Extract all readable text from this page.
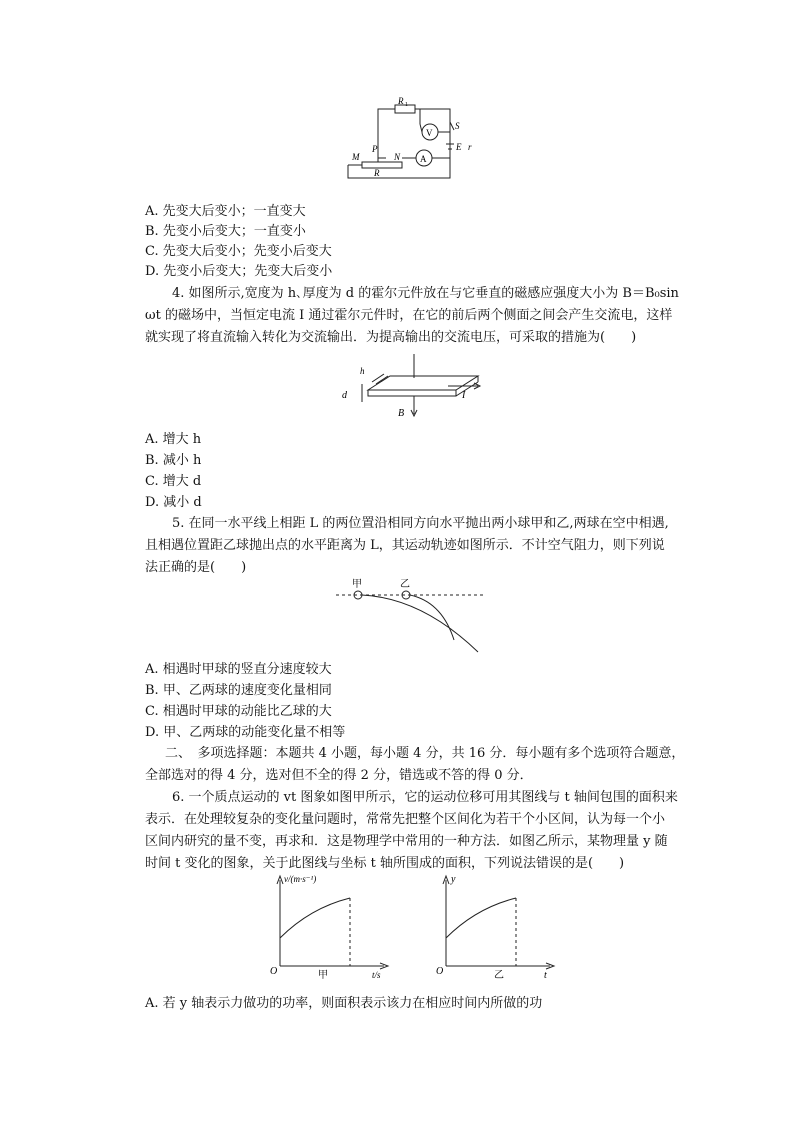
R 1
V
A
S
E r
M	N
P
R
A. 先变大后变小；一直变大
B. 先变小后变大；一直变小
C. 先变大后变小；先变小后变大
D. 先变小后变大；先变大后变小
4. 如图所示,宽度为 h､厚度为 d 的霍尔元件放在与它垂直的磁感应强度大小为 B＝B₀sin
ωt 的磁场中，当恒定电流 I 通过霍尔元件时，在它的前后两个侧面之间会产生交流电，这样
就实现了将直流输入转化为交流输出．为提高输出的交流电压，可采取的措施为(　　)
h
d	I
B
A. 增大 h
B. 减小 h
C. 增大 d
D. 减小 d
5. 在同一水平线上相距 L 的两位置沿相同方向水平抛出两小球甲和乙,两球在空中相遇,
且相遇位置距乙球抛出点的水平距离为 L，其运动轨迹如图所示．不计空气阻力，则下列说
法正确的是(　　)
甲	乙
A. 相遇时甲球的竖直分速度较大
B. 甲、乙两球的速度变化量相同
C. 相遇时甲球的动能比乙球的大
D. 甲、乙两球的动能变化量不相等
二、　多项选择题：本题共 4 小题，每小题 4 分，共 16 分．每小题有多个选项符合题意，
全部选对的得 4 分，选对但不全的得 2 分，错选或不答的得 0 分．
6. 一个质点运动的 vt 图象如图甲所示，它的运动位移可用其图线与 t 轴间包围的面积来
表示．在处理较复杂的变化量问题时，常常先把整个区间化为若干个小区间，认为每一个小
区间内研究的量不变，再求和．这是物理学中常用的一种方法．如图乙所示，某物理量 y 随
时间 t 变化的图象，关于此图线与坐标 t 轴所围成的面积，下列说法错误的是(　　)
v/(m·s⁻¹)
O	t/s
甲
y
O	t
乙
A. 若 y 轴表示力做功的功率，则面积表示该力在相应时间内所做的功
